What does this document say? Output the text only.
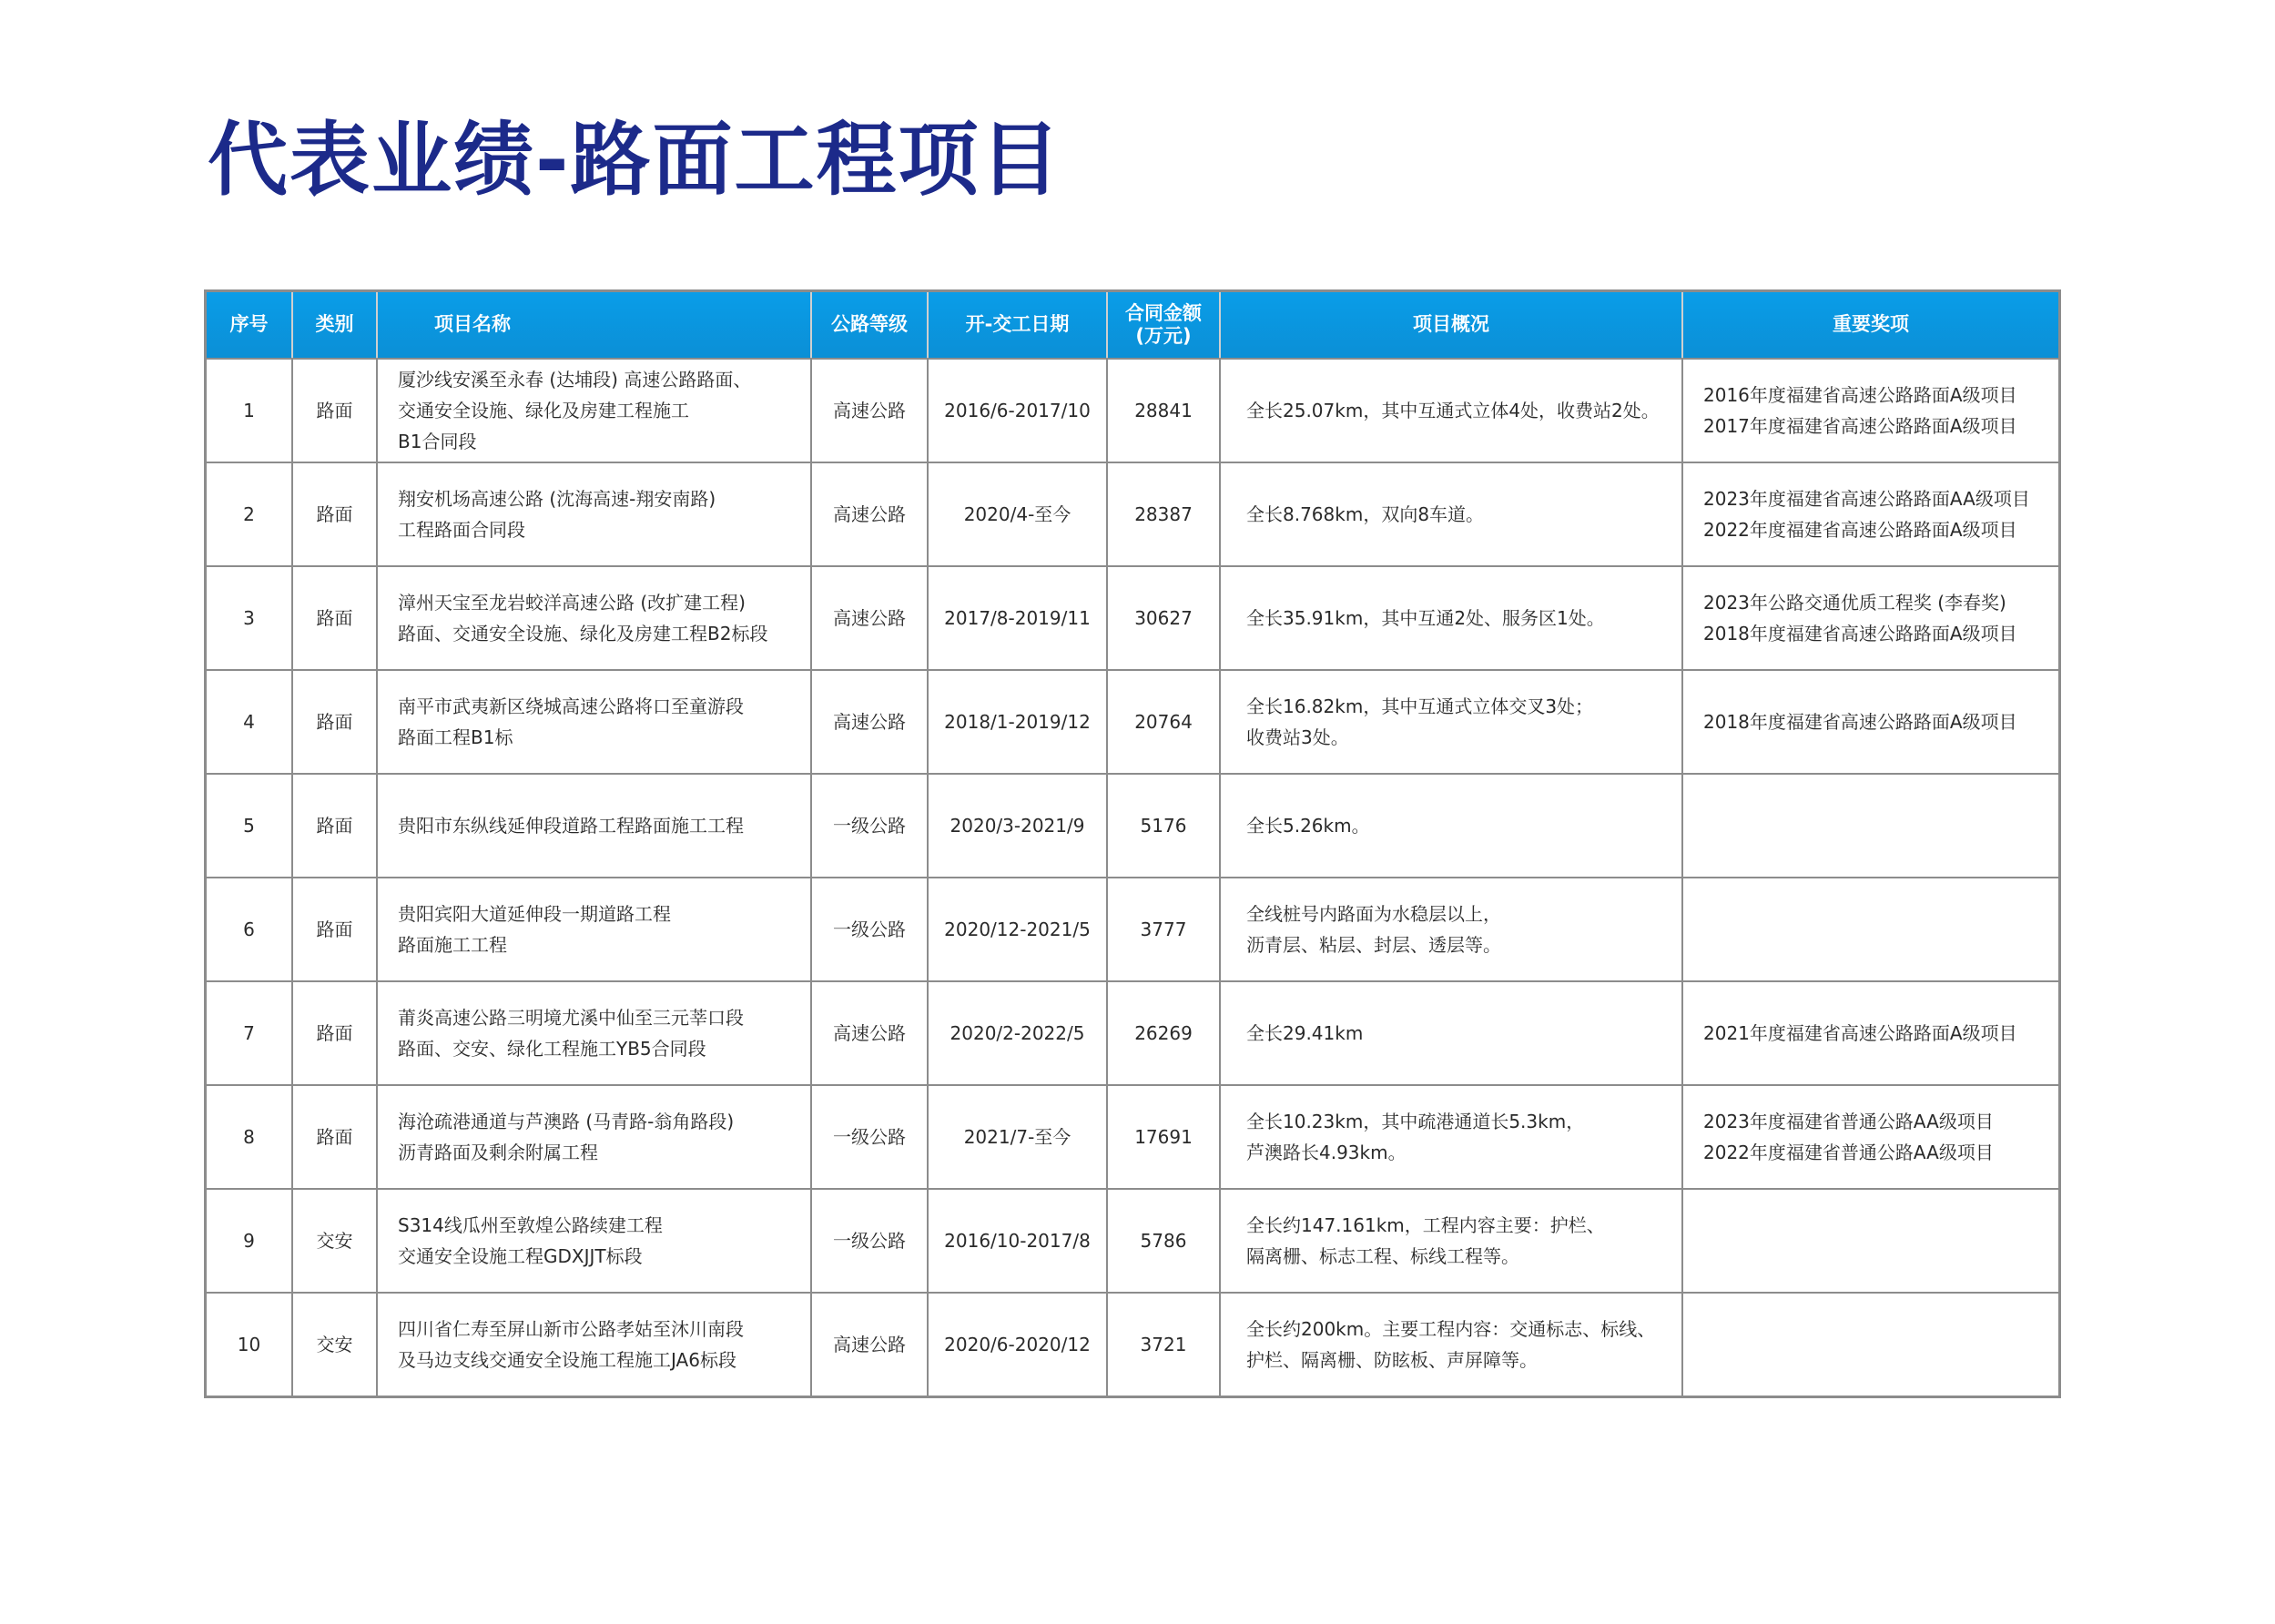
代表业绩-路面工程项目
序号	类别	项目名称	公路等级	开-交工日期	合同金额
(万元)	项目概况	重要奖项
1	路面	厦沙线安溪至永春 (达埔段) 高速公路路面、
交通安全设施、绿化及房建工程施工
B1合同段	高速公路	2016/6-2017/10	28841	全长25.07km，其中互通式立体4处，收费站2处。	2016年度福建省高速公路路面A级项目
2017年度福建省高速公路路面A级项目

2	路面	翔安机场高速公路 (沈海高速-翔安南路)
工程路面合同段	高速公路	2020/4-至今	28387	全长8.768km，双向8车道。	2023年度福建省高速公路路面AA级项目
2022年度福建省高速公路路面A级项目

3	路面	漳州天宝至龙岩蛟洋高速公路 (改扩建工程)
路面、交通安全设施、绿化及房建工程B2标段	高速公路	2017/8-2019/11	30627	全长35.91km，其中互通2处、服务区1处。	2023年公路交通优质工程奖 (李春奖)
2018年度福建省高速公路路面A级项目

4	路面	南平市武夷新区绕城高速公路将口至童游段
路面工程B1标	高速公路	2018/1-2019/12	20764	全长16.82km，其中互通式立体交叉3处；
收费站3处。	2018年度福建省高速公路路面A级项目

5	路面	贵阳市东纵线延伸段道路工程路面施工工程	一级公路	2020/3-2021/9	5176	全长5.26km。	

6	路面	贵阳宾阳大道延伸段一期道路工程
路面施工工程	一级公路	2020/12-2021/5	3777	全线桩号内路面为水稳层以上，
沥青层、粘层、封层、透层等。	

7	路面	莆炎高速公路三明境尤溪中仙至三元莘口段
路面、交安、绿化工程施工YB5合同段	高速公路	2020/2-2022/5	26269	全长29.41km	2021年度福建省高速公路路面A级项目

8	路面	海沧疏港通道与芦澳路 (马青路-翁角路段)
沥青路面及剩余附属工程	一级公路	2021/7-至今	17691	全长10.23km，其中疏港通道长5.3km，
芦澳路长4.93km。	2023年度福建省普通公路AA级项目
2022年度福建省普通公路AA级项目

9	交安	S314线瓜州至敦煌公路续建工程
交通安全设施工程GDXJJT标段	一级公路	2016/10-2017/8	5786	全长约147.161km，工程内容主要：护栏、
隔离栅、标志工程、标线工程等。	

10	交安	四川省仁寿至屏山新市公路孝姑至沐川南段
及马边支线交通安全设施工程施工JA6标段	高速公路	2020/6-2020/12	3721	全长约200km。主要工程内容：交通标志、标线、
护栏、隔离栅、防眩板、声屏障等。	
